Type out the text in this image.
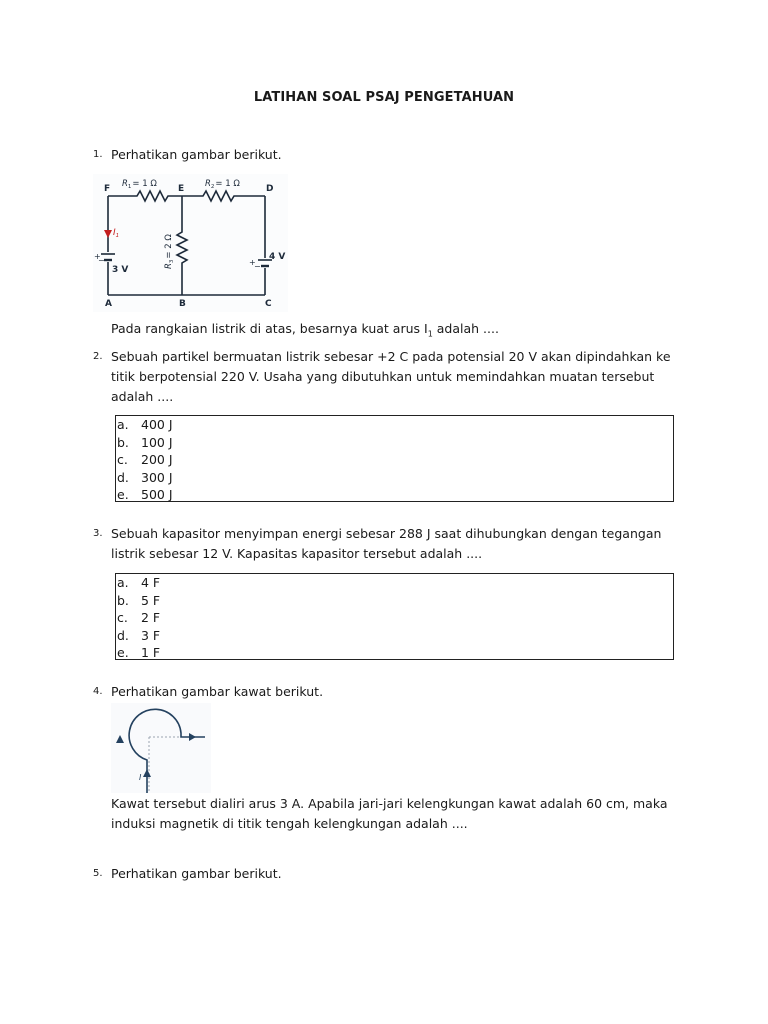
LATIHAN SOAL PSAJ PENGETAHUAN
1. Perhatikan gambar berikut.
F	E	D
A	B	C
$R_1= 1$ Ω	$R_2= 1$ Ω
$R_3= 2$ Ω
$I_1$
+
−
3 V
+
−
4 V
Pada rangkaian listrik di atas, besarnya kuat arus $I_1$ adalah ....
2. Sebuah partikel bermuatan listrik sebesar +2 C pada potensial 20 V akan dipindahkan ke
titik berpotensial 220 V. Usaha yang dibutuhkan untuk memindahkan muatan tersebut
adalah ....
a. 400 J
b. 100 J
c.	200 J
d. 300 J
e. 500 J
3. Sebuah kapasitor menyimpan energi sebesar 288 J saat dihubungkan dengan tegangan
listrik sebesar 12 V. Kapasitas kapasitor tersebut adalah ....
a. 4 F
b. 5 F
c.	2 F
d. 3 F
e. 1 F
4. Perhatikan gambar kawat berikut.
I
Kawat tersebut dialiri arus 3 A. Apabila jari-jari kelengkungan kawat adalah 60 cm, maka
induksi magnetik di titik tengah kelengkungan adalah ....
5. Perhatikan gambar berikut.
